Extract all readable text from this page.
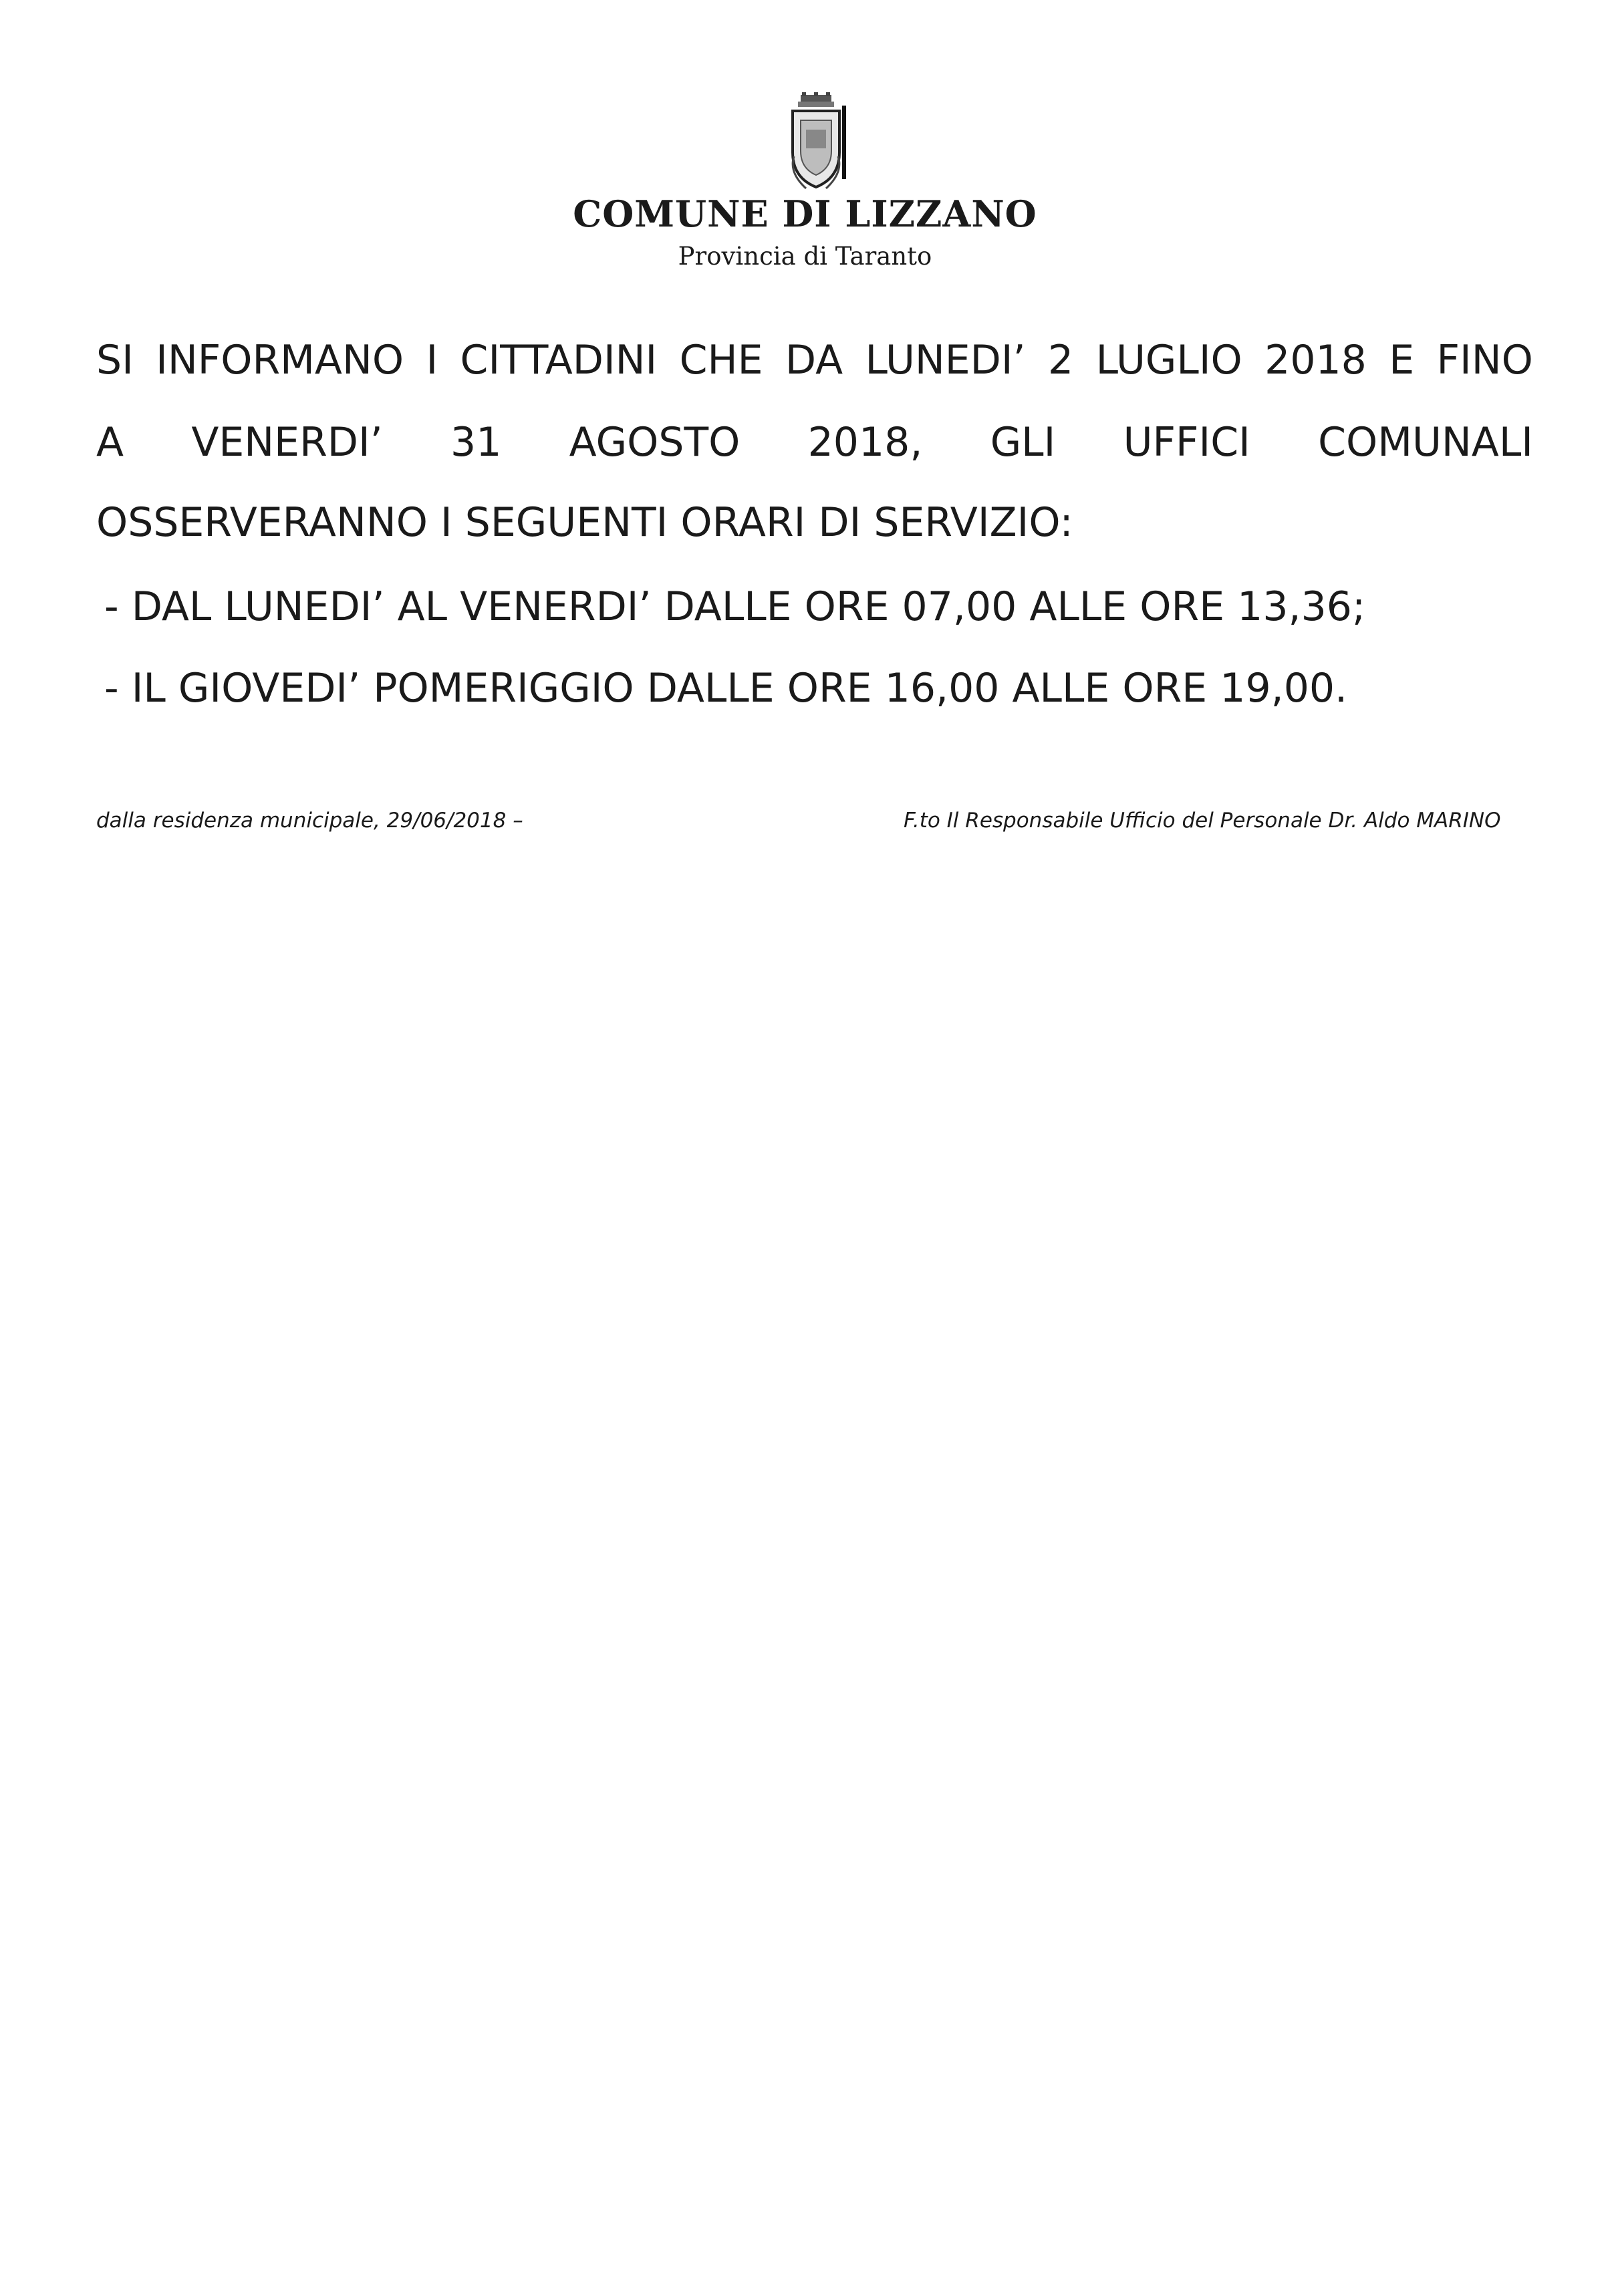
COMUNE DI LIZZANO
Provincia di Taranto
SI INFORMANO I CITTADINI CHE DA LUNEDI’ 2 LUGLIO 2018 E FINO
A VENERDI’ 31 AGOSTO 2018, GLI UFFICI COMUNALI
OSSERVERANNO I SEGUENTI ORARI DI SERVIZIO:
- DAL LUNEDI’ AL VENERDI’ DALLE ORE 07,00 ALLE ORE 13,36;
- IL GIOVEDI’ POMERIGGIO DALLE ORE 16,00 ALLE ORE 19,00.
dalla residenza municipale, 29/06/2018 –	F.to Il Responsabile Ufficio del Personale Dr. Aldo MARINO
